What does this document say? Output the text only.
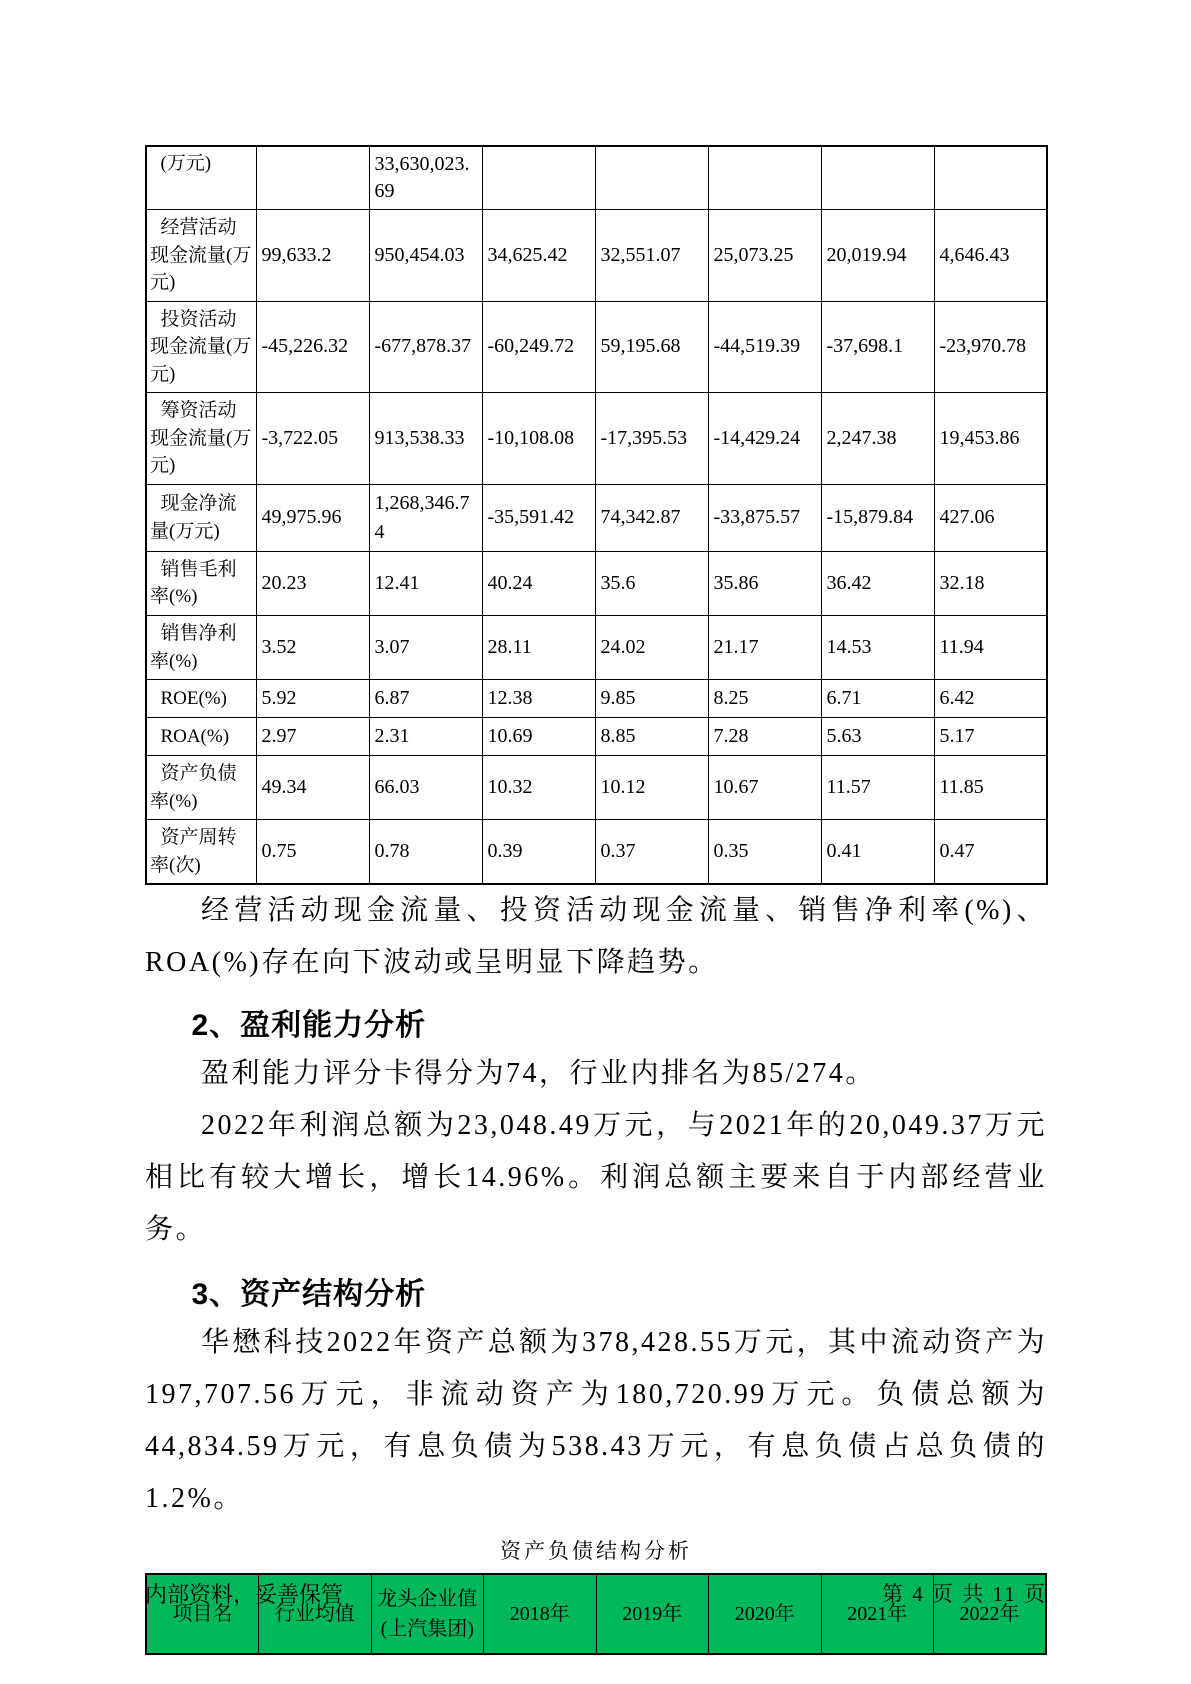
(万元)		33,630,023.69					
经营活动现金流量(万元)	99,633.2	950,454.03	34,625.42	32,551.07	25,073.25	20,019.94	4,646.43
投资活动现金流量(万元)	-45,226.32	-677,878.37	-60,249.72	59,195.68	-44,519.39	-37,698.1	-23,970.78
筹资活动现金流量(万元)	-3,722.05	913,538.33	-10,108.08	-17,395.53	-14,429.24	2,247.38	19,453.86
现金净流量(万元)	49,975.96	1,268,346.74	-35,591.42	74,342.87	-33,875.57	-15,879.84	427.06
销售毛利率(%)	20.23	12.41	40.24	35.6	35.86	36.42	32.18
销售净利率(%)	3.52	3.07	28.11	24.02	21.17	14.53	11.94
ROE(%)	5.92	6.87	12.38	9.85	8.25	6.71	6.42
ROA(%)	2.97	2.31	10.69	8.85	7.28	5.63	5.17
资产负债率(%)	49.34	66.03	10.32	10.12	10.67	11.57	11.85
资产周转率(次)	0.75	0.78	0.39	0.37	0.35	0.41	0.47

经营活动现金流量、投资活动现金流量、销售净利率(%)、ROA(%)存在向下波动或呈明显下降趋势。

2、盈利能力分析

盈利能力评分卡得分为74，行业内排名为85/274。

2022年利润总额为23,048.49万元，与2021年的20,049.37万元相比有较大增长，增长14.96%。利润总额主要来自于内部经营业务。

3、资产结构分析

华懋科技2022年资产总额为378,428.55万元，其中流动资产为197,707.56万元，非流动资产为180,720.99万元。负债总额为44,834.59万元，有息负债为538.43万元，有息负债占总负债的1.2%。

资产负债结构分析
项目名	行业均值	龙头企业值(上汽集团)	2018年	2019年	2020年	2021年	2022年
内部资料，妥善保管	第 4 页 共 11 页
